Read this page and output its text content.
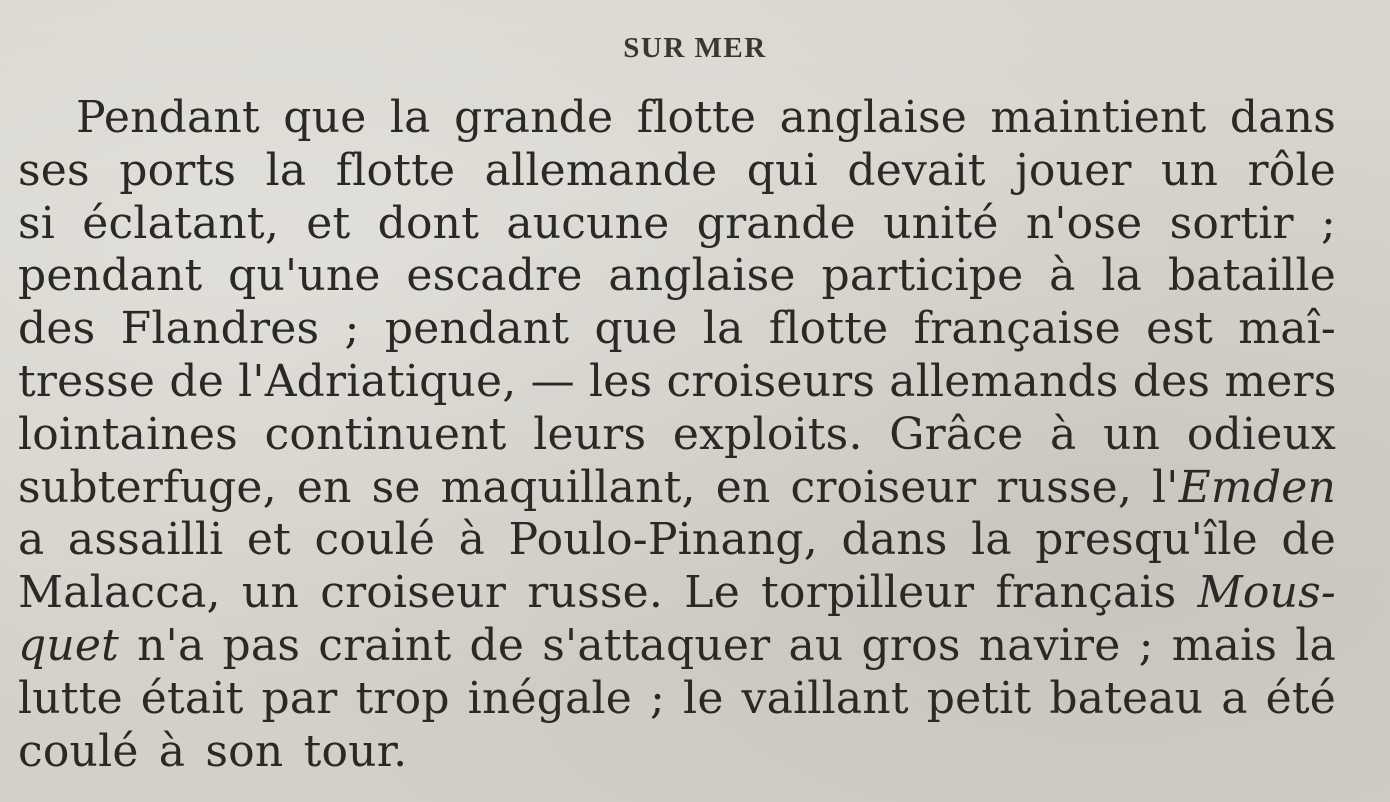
SUR MER
Pendant que la grande flotte anglaise maintient dans
ses ports la flotte allemande qui devait jouer un rôle
si éclatant, et dont aucune grande unité n'ose sortir ;
pendant qu'une escadre anglaise participe à la bataille
des Flandres ; pendant que la flotte française est maî-
tresse de l'Adriatique, — les croiseurs allemands des mers
lointaines continuent leurs exploits. Grâce à un odieux
subterfuge, en se maquillant, en croiseur russe, l'Emden
a assailli et coulé à Poulo-Pinang, dans la presqu'île de
Malacca, un croiseur russe. Le torpilleur français Mous-
quet n'a pas craint de s'attaquer au gros navire ; mais la
lutte était par trop inégale ; le vaillant petit bateau a été
coulé à son tour.
